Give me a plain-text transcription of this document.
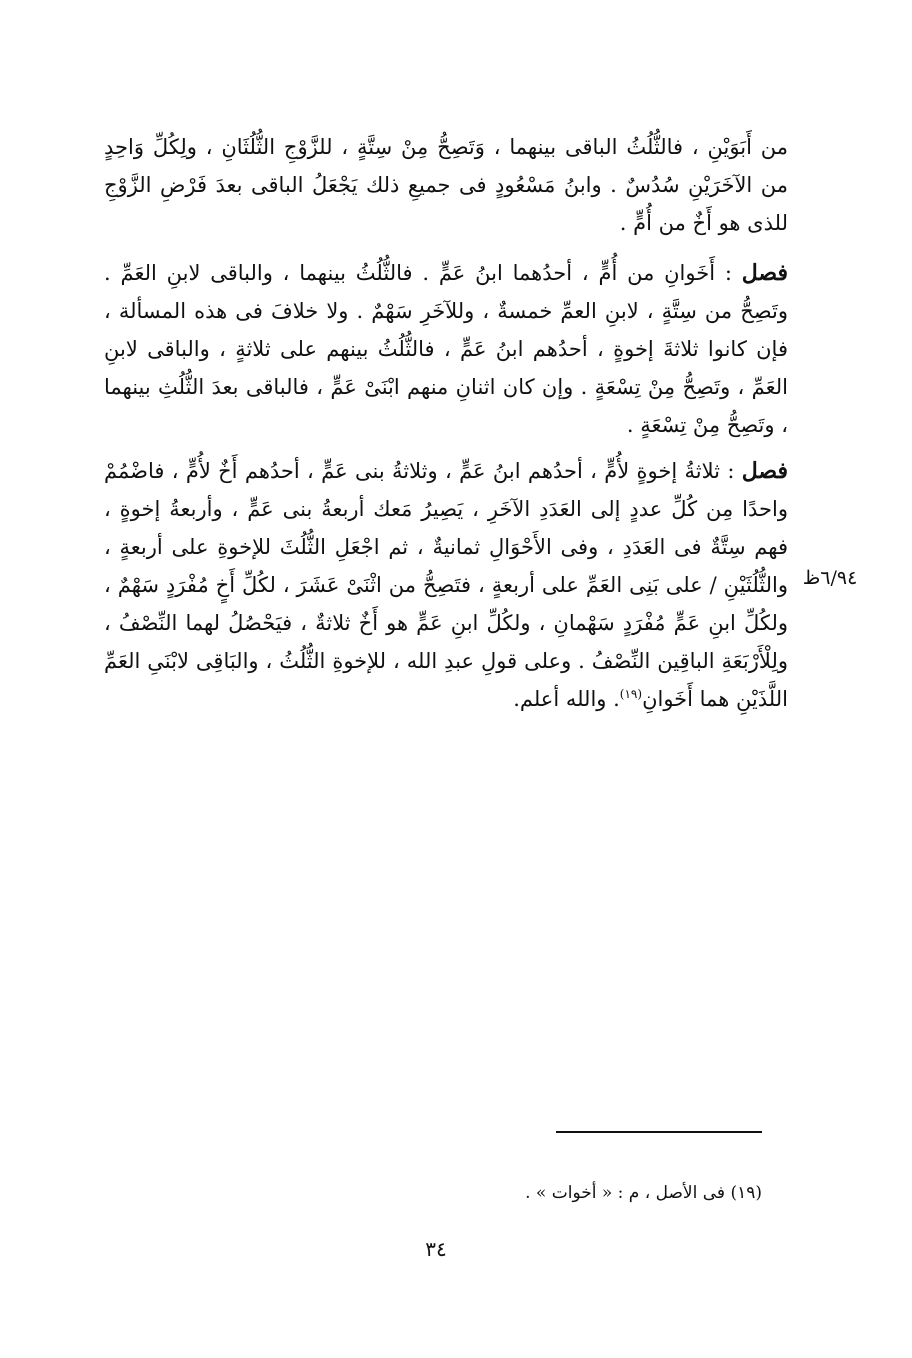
من أَبَوَيْنِ ، فالثُّلُثُ الباقى بينهما ، وَتَصِحُّ مِنْ سِتَّةٍ ، للزَّوْجِ الثُّلُثَانِ ، ولِكُلِّ وَاحِدٍ من الآخَرَيْنِ سُدُسٌ . وابنُ مَسْعُودٍ فى جميعِ ذلك يَجْعَلُ الباقى بعدَ فَرْضِ الزَّوْجِ للذى هو أَخٌ من أُمٍّ .

فصل : أَخَوانِ من أُمٍّ ، أحدُهما ابنُ عَمٍّ . فالثُّلُثُ بينهما ، والباقى لابنِ العَمِّ . وتَصِحُّ من سِتَّةٍ ، لابنِ العمِّ خمسةٌ ، وللآخَرِ سَهْمٌ . ولا خلافَ فى هذه المسألة ، فإن كانوا ثلاثةَ إخوةٍ ، أحدُهم ابنُ عَمٍّ ، فالثُّلُثُ بينهم على ثلاثةٍ ، والباقى لابنِ العَمِّ ، وتَصِحُّ مِنْ تِسْعَةٍ . وإن كان اثنانِ منهم ابْنَىْ عَمٍّ ، فالباقى بعدَ الثُّلُثِ بينهما ، وتَصِحُّ مِنْ تِسْعَةٍ .

فصل : ثلاثةُ إخوةٍ لأُمٍّ ، أحدُهم ابنُ عَمٍّ ، وثلاثةُ بنى عَمٍّ ، أحدُهم أَخٌ لأُمٍّ ، فاضْمُمْ واحدًا مِن كُلِّ عددٍ إلى العَدَدِ الآخَرِ ، يَصِيرُ مَعك أربعةُ بنى عَمٍّ ، وأربعةُ إخوةٍ ، فهم سِتَّةٌ فى العَدَدِ ، وفى الأَحْوَالِ ثمانيةٌ ، ثم اجْعَلِ الثُّلُثَ للإخوةِ على أربعةٍ ، والثُّلُثَيْنِ / على بَنِى العَمِّ على أربعةٍ ، فتَصِحُّ من اثْنَىْ عَشَرَ ، لكُلِّ أَخٍ مُفْرَدٍ سَهْمٌ ، ولكُلِّ ابنِ عَمٍّ مُفْرَدٍ سَهْمانِ ، ولكُلِّ ابنِ عَمٍّ هو أَخٌ ثلاثةٌ ، فيَحْصُلُ لهما النِّصْفُ ، ولِلْأَرْبَعَةِ الباقِين النِّصْفُ . وعلى قولِ عبدِ الله ، للإخوةِ الثُّلُثُ ، والبَاقِى لابْنَىِ العَمِّ اللَّذَيْنِ هما أَخَوانِ$^{(١٩)}$. والله أعلم.

٦/٩٤ظ
(١٩) فى الأصل ، م : « أخوات » .
٣٤
